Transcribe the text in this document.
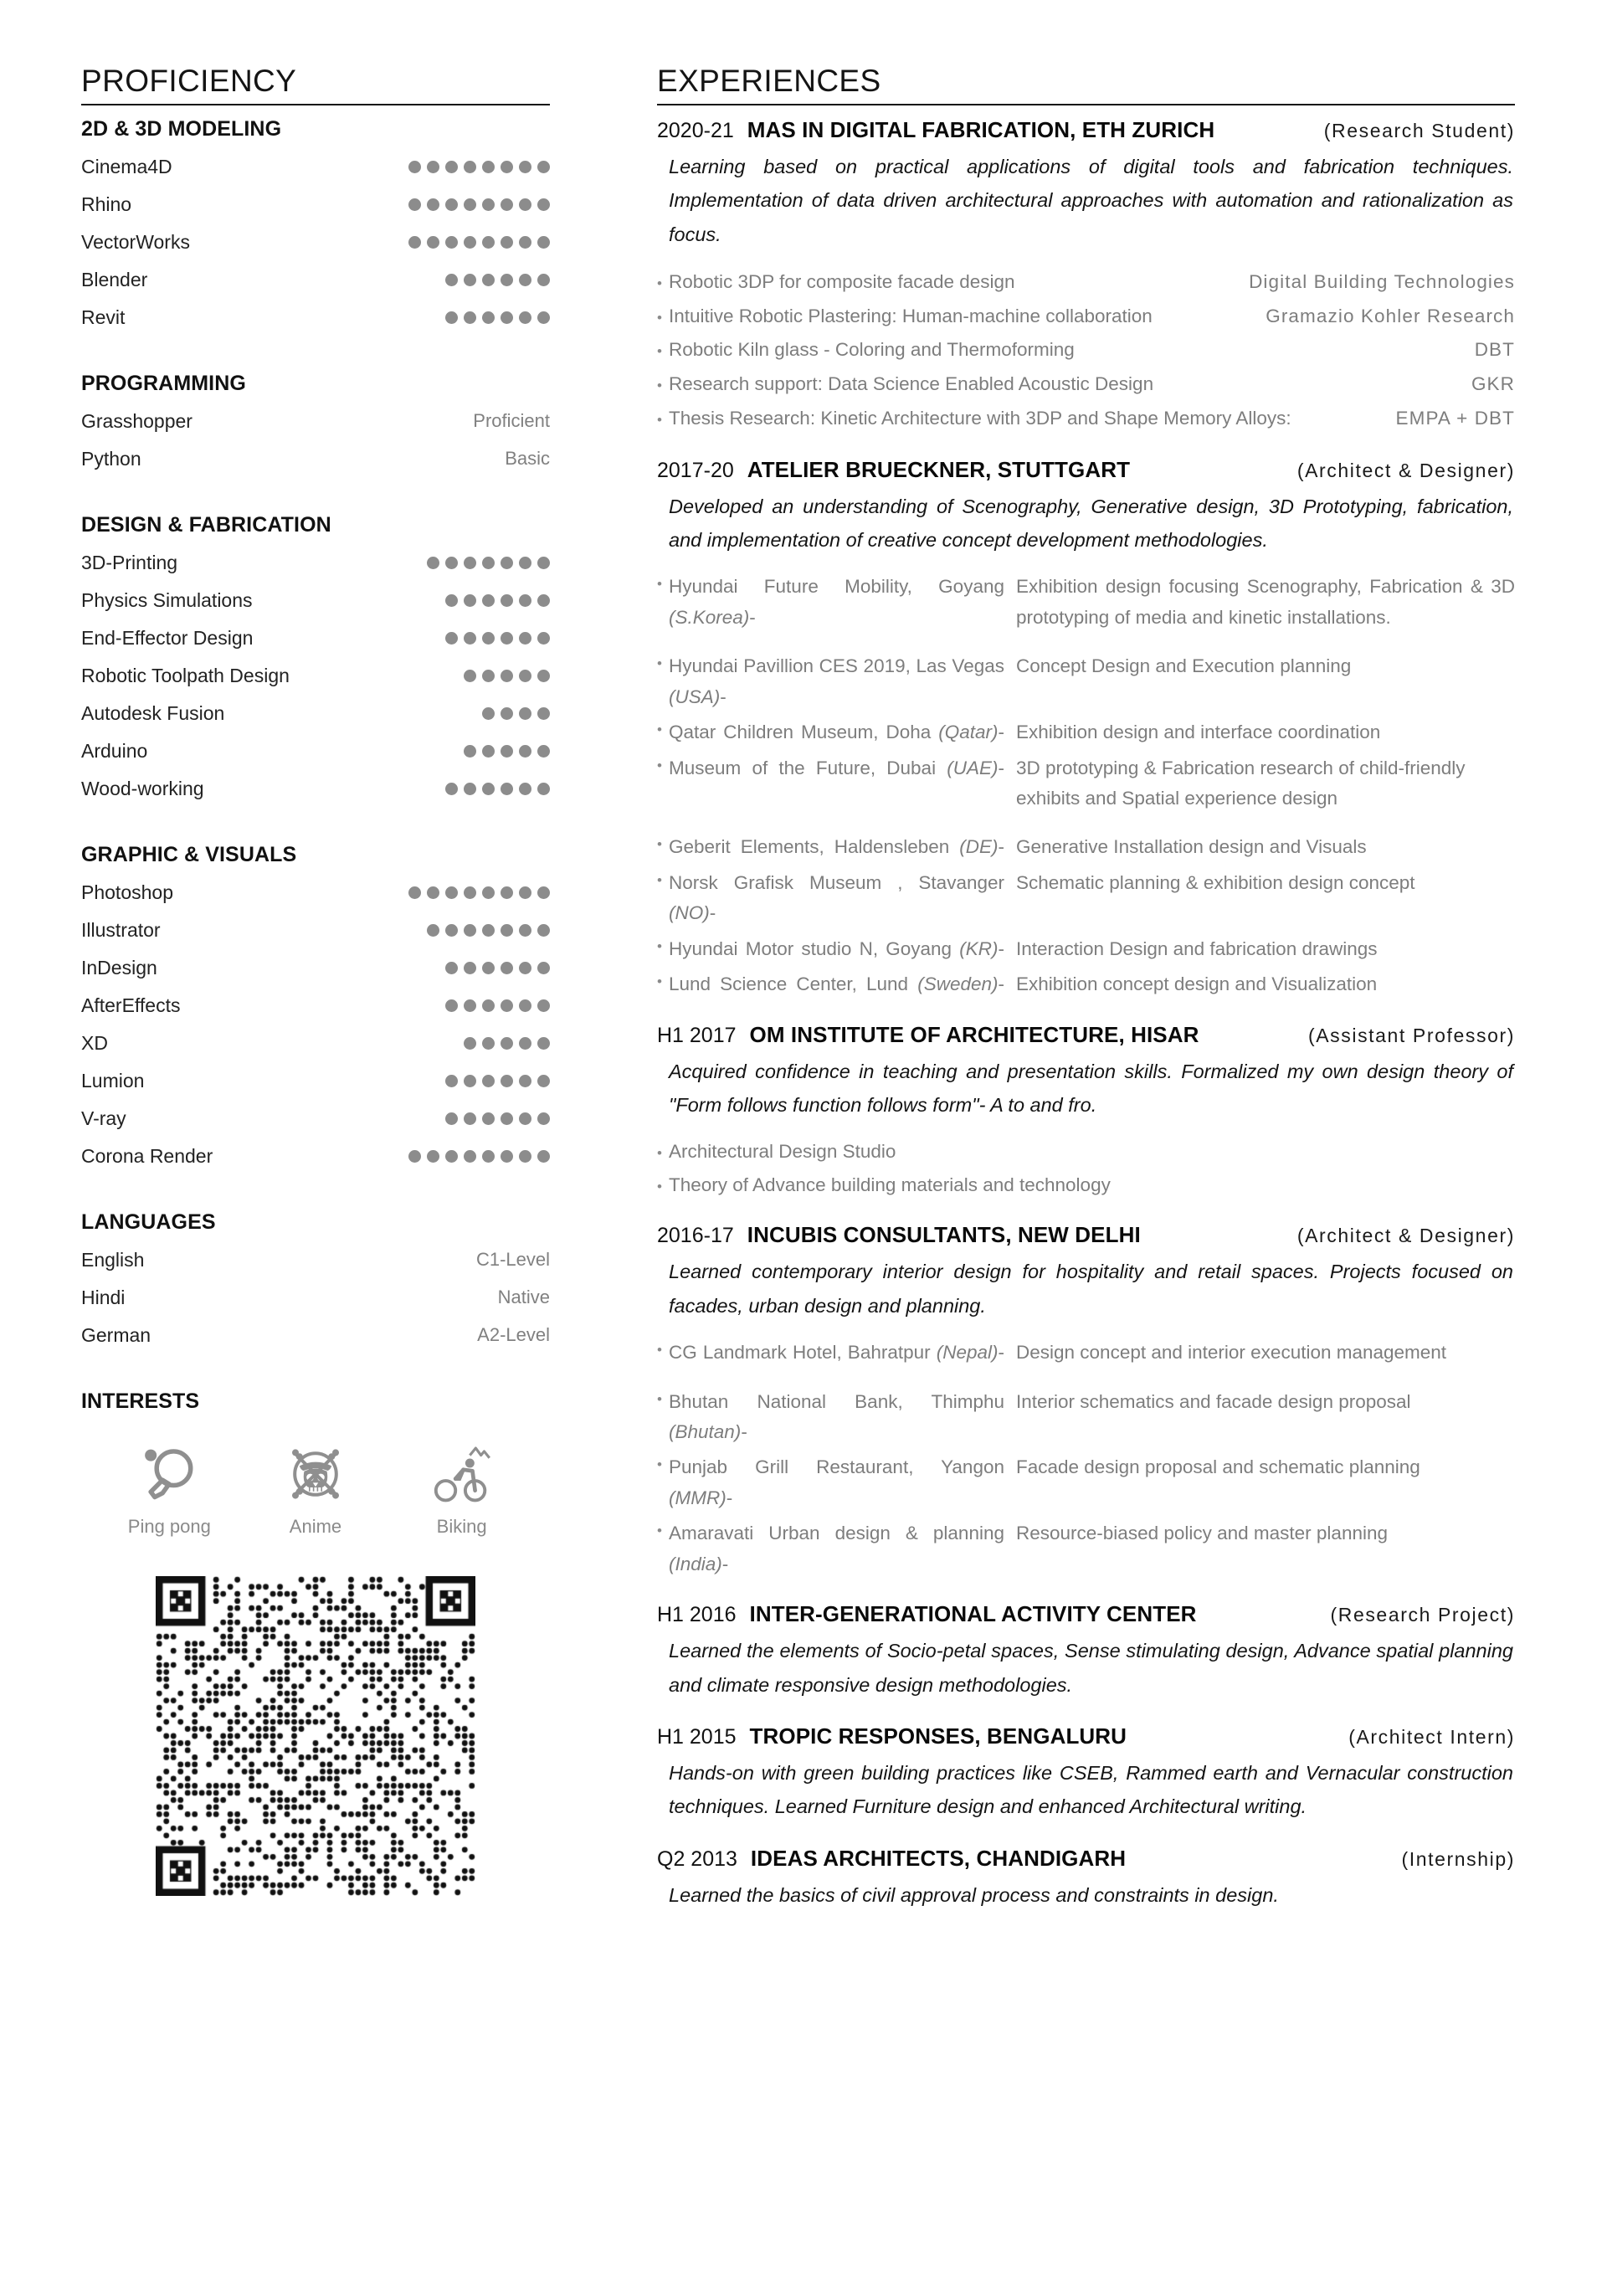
PROFICIENCY
2D & 3D MODELING
Cinema4D
Rhino
VectorWorks
Blender
Revit
PROGRAMMING
Grasshopper	Proficient
Python	Basic
DESIGN & FABRICATION
3D-Printing
Physics Simulations
End-Effector Design
Robotic Toolpath Design
Autodesk Fusion
Arduino
Wood-working
GRAPHIC & VISUALS
Photoshop
Illustrator
InDesign
AfterEffects
XD
Lumion
V-ray
Corona Render
LANGUAGES
English	C1-Level
Hindi	Native
German	A2-Level
INTERESTS
Ping pong	Anime	Biking
EXPERIENCES
2020-21 MAS IN DIGITAL FABRICATION, ETH ZURICH	(Research Student)
Learning based on practical applications of digital tools and fabrication techniques. Implementation of data driven architectural approaches with automation and rationalization as focus.
• Robotic 3DP for composite facade design	Digital Building Technologies
• Intuitive Robotic Plastering: Human-machine collaboration	Gramazio Kohler Research
• Robotic Kiln glass - Coloring and Thermoforming	DBT
• Research support: Data Science Enabled Acoustic Design	GKR
• Thesis Research: Kinetic Architecture with 3DP and Shape Memory Alloys:	EMPA + DBT
2017-20 ATELIER BRUECKNER, STUTTGART	(Architect & Designer)
Developed an understanding of Scenography, Generative design, 3D Prototyping, fabrication, and implementation of creative concept development methodologies.
• Hyundai Future Mobility, Goyang (S.Korea)-
Exhibition design focusing Scenography, Fabrication & 3D prototyping of media and kinetic installations.
• Hyundai Pavillion CES 2019, Las Vegas (USA)-
Concept Design and Execution planning
• Qatar Children Museum, Doha (Qatar)- Exhibition design and interface coordination
• Museum of the Future, Dubai (UAE)- 3D prototyping & Fabrication research of child-friendly exhibits and Spatial experience design
• Geberit Elements, Haldensleben (DE)- Generative Installation design and Visuals
• Norsk Grafisk Museum , Stavanger (NO)-
Schematic planning & exhibition design concept
• Hyundai Motor studio N, Goyang (KR)- Interaction Design and fabrication drawings
• Lund Science Center, Lund (Sweden)- Exhibition concept design and Visualization
H1 2017 OM INSTITUTE OF ARCHITECTURE, HISAR	(Assistant Professor)
Acquired confidence in teaching and presentation skills. Formalized my own design theory of "Form follows function follows form"- A to and fro.
• Architectural Design Studio
• Theory of Advance building materials and technology
2016-17 INCUBIS CONSULTANTS, NEW DELHI	(Architect & Designer)
Learned contemporary interior design for hospitality and retail spaces. Projects focused on facades, urban design and planning.
• CG Landmark Hotel, Bahratpur (Nepal)- Design concept and interior execution management
• Bhutan National Bank, Thimphu (Bhutan)-
Interior schematics and facade design proposal
• Punjab Grill Restaurant, Yangon (MMR)-
Facade design proposal and schematic planning
• Amaravati Urban design & planning (India)-
Resource-biased policy and master planning
H1 2016 INTER-GENERATIONAL ACTIVITY CENTER	(Research Project)
Learned the elements of Socio-petal spaces, Sense stimulating design, Advance spatial planning and climate responsive design methodologies.
H1 2015 TROPIC RESPONSES, BENGALURU	(Architect Intern)
Hands-on with green building practices like CSEB, Rammed earth and Vernacular construction techniques. Learned Furniture design and enhanced Architectural writing.
Q2 2013 IDEAS ARCHITECTS, CHANDIGARH	(Internship)
Learned the basics of civil approval process and constraints in design.
